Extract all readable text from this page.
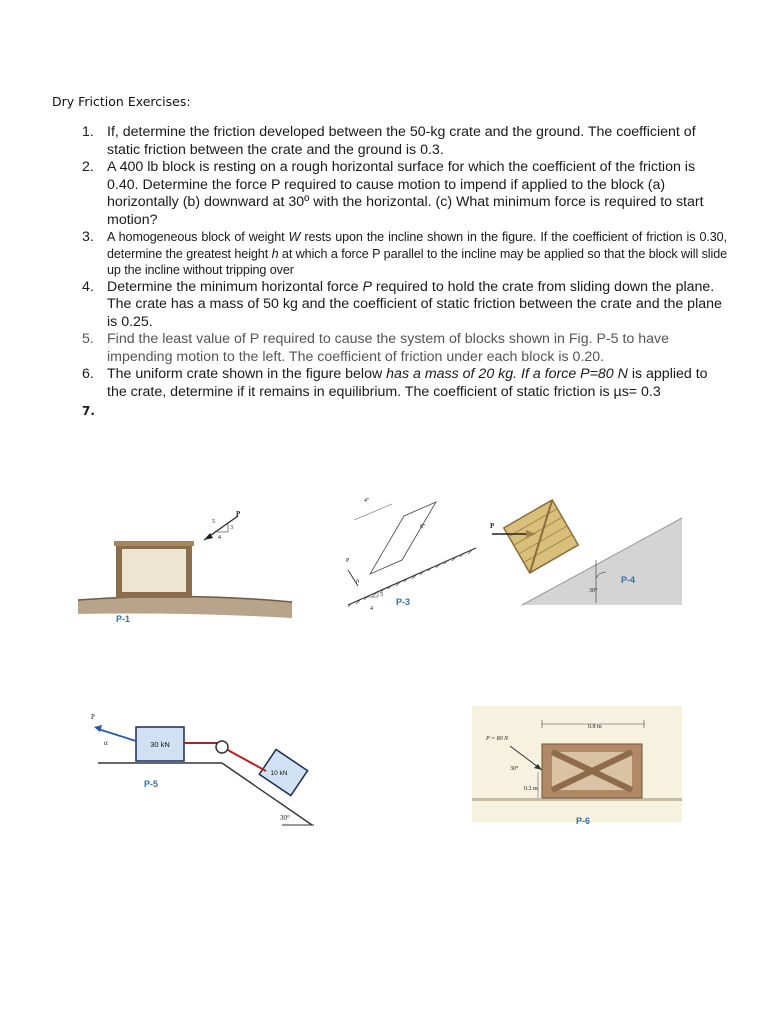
Dry Friction Exercises:
1. If, determine the friction developed between the 50-kg crate and the ground. The coefficient of static friction between the crate and the ground is 0.3.
2. A 400 lb block is resting on a rough horizontal surface for which the coefficient of the friction is 0.40. Determine the force P required to cause motion to impend if applied to the block (a) horizontally (b) downward at 30º with the horizontal. (c) What minimum force is required to start motion?
3.	A homogeneous block of weight W rests upon the incline shown in the figure. If the coefficient of friction is 0.30, determine the greatest height h at which a force P parallel to the incline may be applied so that the block will slide up the incline without tripping over
4. Determine the minimum horizontal force P required to hold the crate from sliding down the plane. The crate has a mass of 50 kg and the coefficient of static friction between the crate and the plane is 0.25.
5. Find the least value of P required to cause the system of blocks shown in Fig. P-5 to have impending motion to the left. The coefficient of friction under each block is 0.20.
6. The uniform crate shown in the figure below has a mass of 20 kg. If a force P=80 N is applied to the crate, determine if it remains in equilibrium. The coefficient of static friction is µs= 0.3
7.
P
5
3
4
P-1
4"
8"
P
h
3
4
P-3
P
30°
P-4
30 kN
10 kN
P
α
30°
P-5
0.8 m
P = 80 N
30°
0.2 m
P-6
